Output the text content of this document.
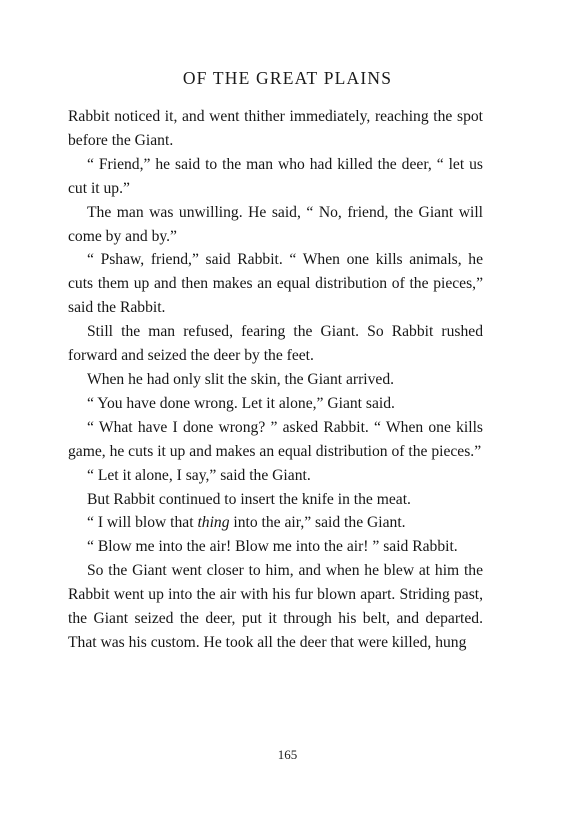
OF THE GREAT PLAINS

Rabbit noticed it, and went thither immediately, reaching the spot before the Giant.

“ Friend,” he said to the man who had killed the deer, “ let us cut it up.”

The man was unwilling. He said, “ No, friend, the Giant will come by and by.”

“ Pshaw, friend,” said Rabbit. “ When one kills animals, he cuts them up and then makes an equal distribution of the pieces,” said the Rabbit.

Still the man refused, fearing the Giant. So Rabbit rushed forward and seized the deer by the feet.

When he had only slit the skin, the Giant arrived.

“ You have done wrong. Let it alone,” Giant said.

“ What have I done wrong? ” asked Rabbit. “ When one kills game, he cuts it up and makes an equal distribution of the pieces.”

“ Let it alone, I say,” said the Giant.

But Rabbit continued to insert the knife in the meat.

“ I will blow that thing into the air,” said the Giant.

“ Blow me into the air! Blow me into the air! ” said Rabbit.

So the Giant went closer to him, and when he blew at him the Rabbit went up into the air with his fur blown apart. Striding past, the Giant seized the deer, put it through his belt, and departed. That was his custom. He took all the deer that were killed, hung

165
